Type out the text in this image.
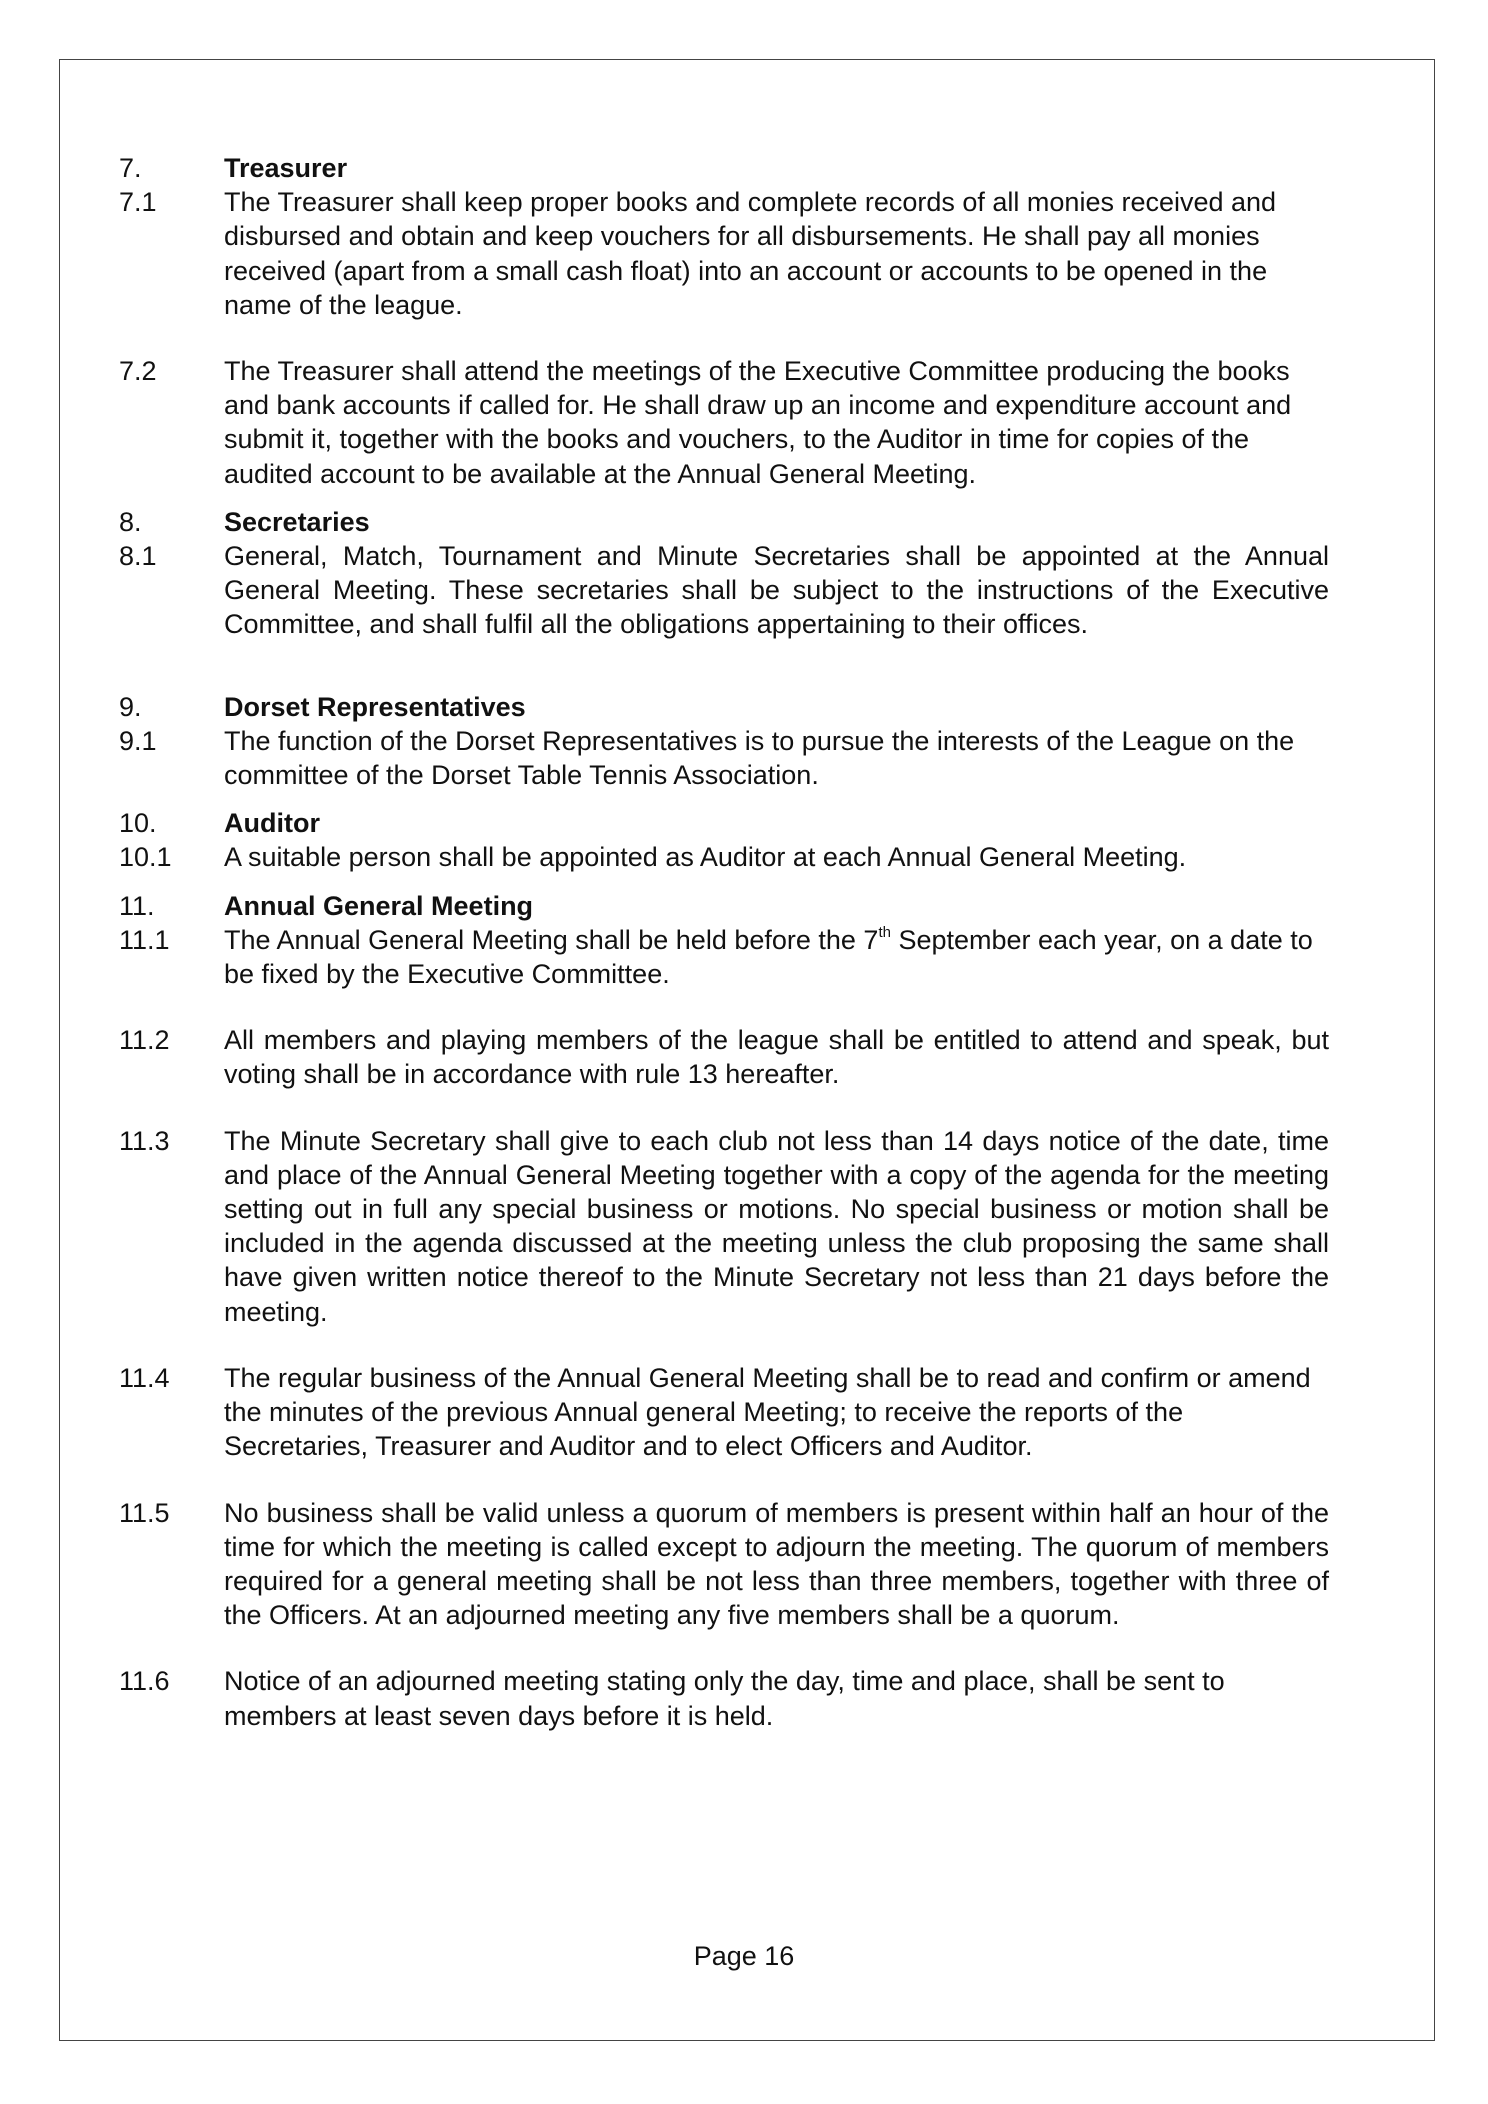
7.	Treasurer
7.1	The Treasurer shall keep proper books and complete records of all monies received and disbursed and obtain and keep vouchers for all disbursements. He shall pay all monies received (apart from a small cash float) into an account or accounts to be opened in the name of the league.
7.2	The Treasurer shall attend the meetings of the Executive Committee producing the books and bank accounts if called for. He shall draw up an income and expenditure account and submit it, together with the books and vouchers, to the Auditor in time for copies of the audited account to be available at the Annual General Meeting.
8.	Secretaries
8.1	General, Match, Tournament and Minute Secretaries shall be appointed at the Annual General Meeting. These secretaries shall be subject to the instructions of the Executive Committee, and shall fulfil all the obligations appertaining to their offices.
9.	Dorset Representatives
9.1	The function of the Dorset Representatives is to pursue the interests of the League on the committee of the Dorset Table Tennis Association.
10.	Auditor
10.1	A suitable person shall be appointed as Auditor at each Annual General Meeting.
11.	Annual General Meeting
11.1	The Annual General Meeting shall be held before the 7th September each year, on a date to be fixed by the Executive Committee.
11.2	All members and playing members of the league shall be entitled to attend and speak, but voting shall be in accordance with rule 13 hereafter.
11.3	The Minute Secretary shall give to each club not less than 14 days notice of the date, time and place of the Annual General Meeting together with a copy of the agenda for the meeting setting out in full any special business or motions. No special business or motion shall be included in the agenda discussed at the meeting unless the club proposing the same shall have given written notice thereof to the Minute Secretary not less than 21 days before the meeting.
11.4	The regular business of the Annual General Meeting shall be to read and confirm or amend the minutes of the previous Annual general Meeting; to receive the reports of the Secretaries, Treasurer and Auditor and to elect Officers and Auditor.
11.5	No business shall be valid unless a quorum of members is present within half an hour of the time for which the meeting is called except to adjourn the meeting. The quorum of members required for a general meeting shall be not less than three members, together with three of the Officers. At an adjourned meeting any five members shall be a quorum.
11.6	Notice of an adjourned meeting stating only the day, time and place, shall be sent to members at least seven days before it is held.
Page 16
